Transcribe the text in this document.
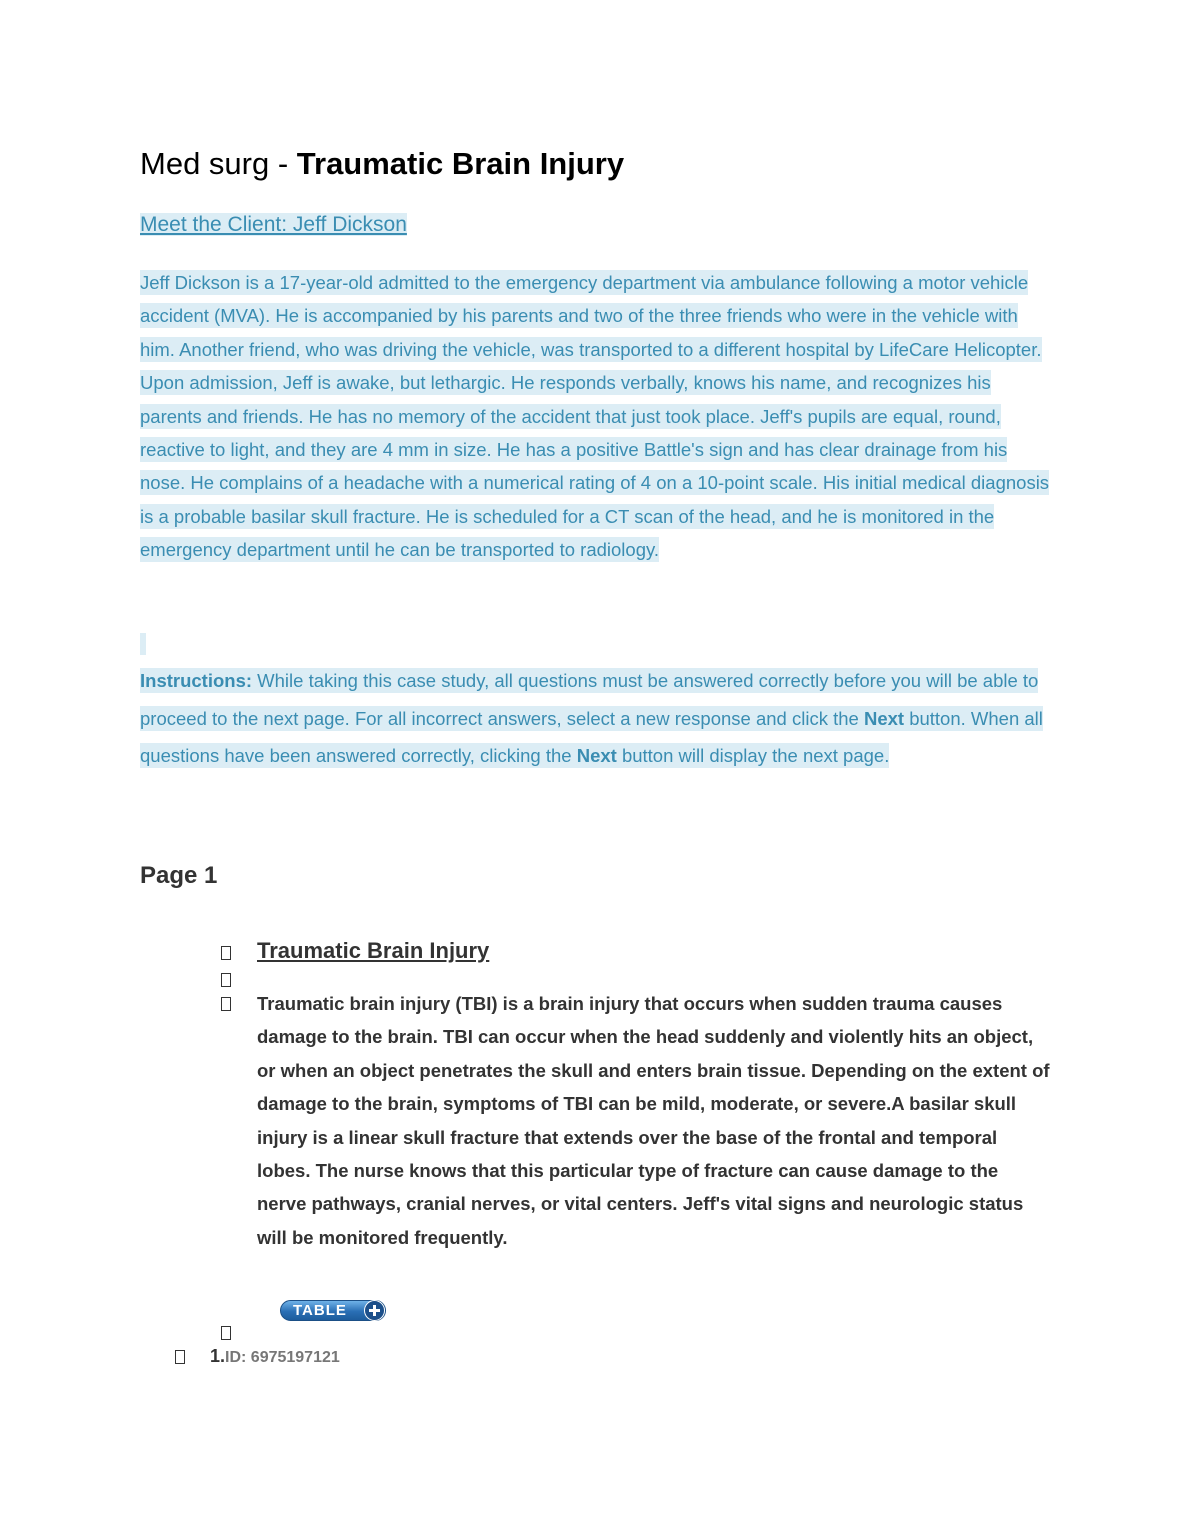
Med surg - Traumatic Brain Injury
Meet the Client: Jeff Dickson
Jeff Dickson is a 17-year-old admitted to the emergency department via ambulance following a motor vehicle accident (MVA). He is accompanied by his parents and two of the three friends who were in the vehicle with him. Another friend, who was driving the vehicle, was transported to a different hospital by LifeCare Helicopter.
Upon admission, Jeff is awake, but lethargic. He responds verbally, knows his name, and recognizes his parents and friends. He has no memory of the accident that just took place. Jeff's pupils are equal, round, reactive to light, and they are 4 mm in size. He has a positive Battle's sign and has clear drainage from his nose. He complains of a headache with a numerical rating of 4 on a 10-point scale. His initial medical diagnosis is a probable basilar skull fracture. He is scheduled for a CT scan of the head, and he is monitored in the emergency department until he can be transported to radiology.
Instructions: While taking this case study, all questions must be answered correctly before you will be able to proceed to the next page. For all incorrect answers, select a new response and click the Next button. When all questions have been answered correctly, clicking the Next button will display the next page.
Page 1
Traumatic Brain Injury

Traumatic brain injury (TBI) is a brain injury that occurs when sudden trauma causes damage to the brain. TBI can occur when the head suddenly and violently hits an object, or when an object penetrates the skull and enters brain tissue. Depending on the extent of damage to the brain, symptoms of TBI can be mild, moderate, or severe.A basilar skull injury is a linear skull fracture that extends over the base of the frontal and temporal lobes. The nurse knows that this particular type of fracture can cause damage to the nerve pathways, cranial nerves, or vital centers. Jeff's vital signs and neurologic status will be monitored frequently.

TABLE
1.ID: 6975197121
